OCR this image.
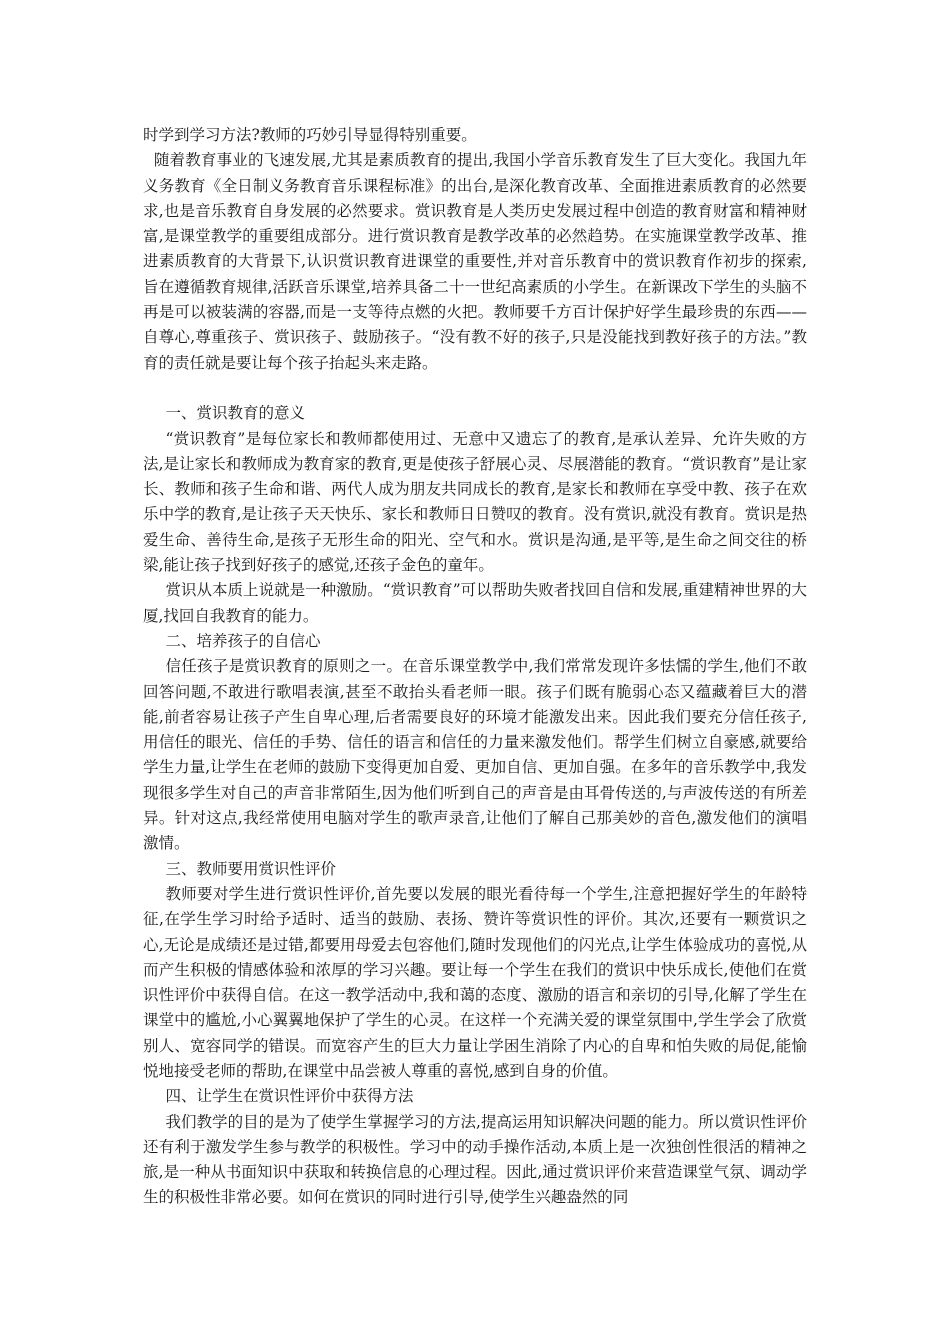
时学到学习方法?教师的巧妙引导显得特别重要。

随着教育事业的飞速发展,尤其是素质教育的提出,我国小学音乐教育发生了巨大变化。我国九年义务教育《全日制义务教育音乐课程标准》的出台,是深化教育改革、全面推进素质教育的必然要求,也是音乐教育自身发展的必然要求。赏识教育是人类历史发展过程中创造的教育财富和精神财富,是课堂教学的重要组成部分。进行赏识教育是教学改革的必然趋势。在实施课堂教学改革、推进素质教育的大背景下,认识赏识教育进课堂的重要性,并对音乐教育中的赏识教育作初步的探索,旨在遵循教育规律,活跃音乐课堂,培养具备二十一世纪高素质的小学生。在新课改下学生的头脑不再是可以被装满的容器,而是一支等待点燃的火把。教师要千方百计保护好学生最珍贵的东西——自尊心,尊重孩子、赏识孩子、鼓励孩子。“没有教不好的孩子,只是没能找到教好孩子的方法。”教育的责任就是要让每个孩子抬起头来走路。

一、赏识教育的意义

“赏识教育”是每位家长和教师都使用过、无意中又遗忘了的教育,是承认差异、允许失败的方法,是让家长和教师成为教育家的教育,更是使孩子舒展心灵、尽展潜能的教育。“赏识教育”是让家长、教师和孩子生命和谐、两代人成为朋友共同成长的教育,是家长和教师在享受中教、孩子在欢乐中学的教育,是让孩子天天快乐、家长和教师日日赞叹的教育。没有赏识,就没有教育。赏识是热爱生命、善待生命,是孩子无形生命的阳光、空气和水。赏识是沟通,是平等,是生命之间交往的桥梁,能让孩子找到好孩子的感觉,还孩子金色的童年。

赏识从本质上说就是一种激励。“赏识教育”可以帮助失败者找回自信和发展,重建精神世界的大厦,找回自我教育的能力。

二、培养孩子的自信心

信任孩子是赏识教育的原则之一。在音乐课堂教学中,我们常常发现许多怯懦的学生,他们不敢回答问题,不敢进行歌唱表演,甚至不敢抬头看老师一眼。孩子们既有脆弱心态又蕴藏着巨大的潜能,前者容易让孩子产生自卑心理,后者需要良好的环境才能激发出来。因此我们要充分信任孩子,用信任的眼光、信任的手势、信任的语言和信任的力量来激发他们。帮学生们树立自豪感,就要给学生力量,让学生在老师的鼓励下变得更加自爱、更加自信、更加自强。在多年的音乐教学中,我发现很多学生对自己的声音非常陌生,因为他们听到自己的声音是由耳骨传送的,与声波传送的有所差异。针对这点,我经常使用电脑对学生的歌声录音,让他们了解自己那美妙的音色,激发他们的演唱激情。

三、教师要用赏识性评价

教师要对学生进行赏识性评价,首先要以发展的眼光看待每一个学生,注意把握好学生的年龄特征,在学生学习时给予适时、适当的鼓励、表扬、赞许等赏识性的评价。其次,还要有一颗赏识之心,无论是成绩还是过错,都要用母爱去包容他们,随时发现他们的闪光点,让学生体验成功的喜悦,从而产生积极的情感体验和浓厚的学习兴趣。要让每一个学生在我们的赏识中快乐成长,使他们在赏识性评价中获得自信。在这一教学活动中,我和蔼的态度、激励的语言和亲切的引导,化解了学生在课堂中的尴尬,小心翼翼地保护了学生的心灵。在这样一个充满关爱的课堂氛围中,学生学会了欣赏别人、宽容同学的错误。而宽容产生的巨大力量让学困生消除了内心的自卑和怕失败的局促,能愉悦地接受老师的帮助,在课堂中品尝被人尊重的喜悦,感到自身的价值。

四、让学生在赏识性评价中获得方法

我们教学的目的是为了使学生掌握学习的方法,提高运用知识解决问题的能力。所以赏识性评价还有利于激发学生参与教学的积极性。学习中的动手操作活动,本质上是一次独创性很活的精神之旅,是一种从书面知识中获取和转换信息的心理过程。因此,通过赏识评价来营造课堂气氛、调动学生的积极性非常必要。如何在赏识的同时进行引导,使学生兴趣盎然的同
